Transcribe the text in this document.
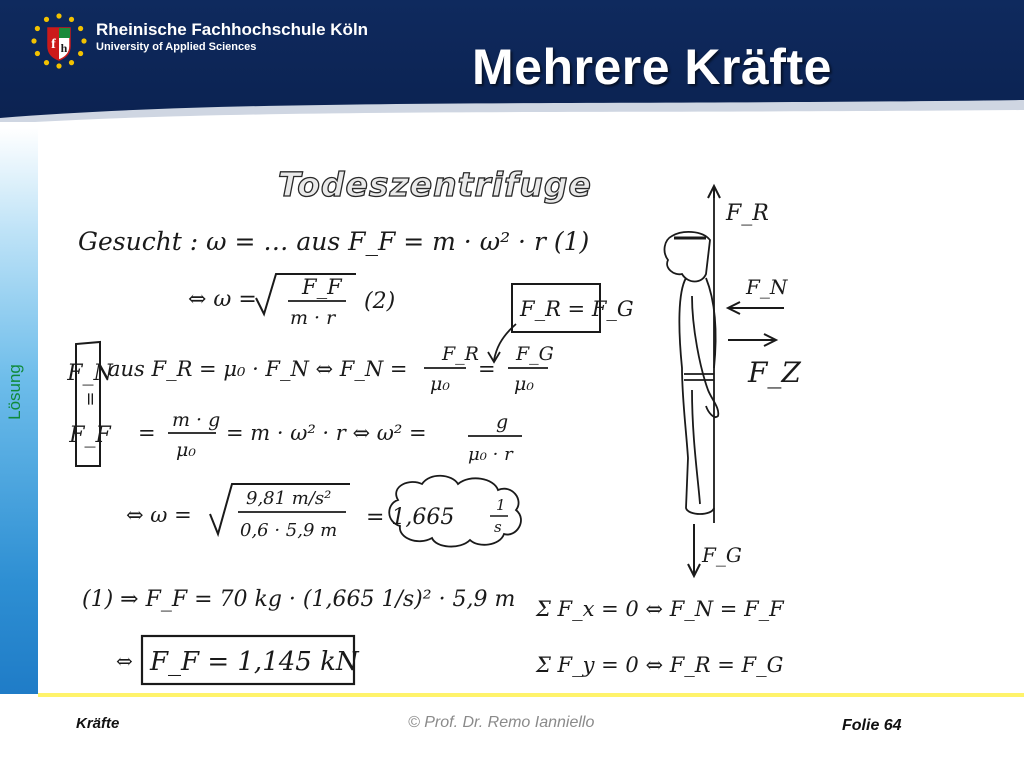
f h
Rheinische Fachhochschule Köln
University of Applied Sciences	Mehrere Kräfte
Lösung
Todeszentrifuge
Gesucht : ω = … aus F_F = m · ω² · r (1)
⇔ ω = F_F
m · r
(2)	F_R = F_G
F_N
=
F_F
aus F_R = μ₀ · F_N ⇔ F_N =
F_R
μ₀
=
F_G
μ₀
=
m · g
μ₀
= m · ω² · r ⇔ ω² =	g
μ₀ · r
⇔ ω =
9,81 m/s²
0,6 · 5,9 m
= 1,665	1
s
(1) ⇒ F_F = 70 kg · (1,665 1/s)² · 5,9 m
⇔ F_F = 1,145 kN
Σ F_x = 0 ⇔ F_N = F_F
Σ F_y = 0 ⇔ F_R = F_G
F_R
F_N
F_Z
F_G
Kräfte	© Prof. Dr. Remo Ianniello	Folie 64
